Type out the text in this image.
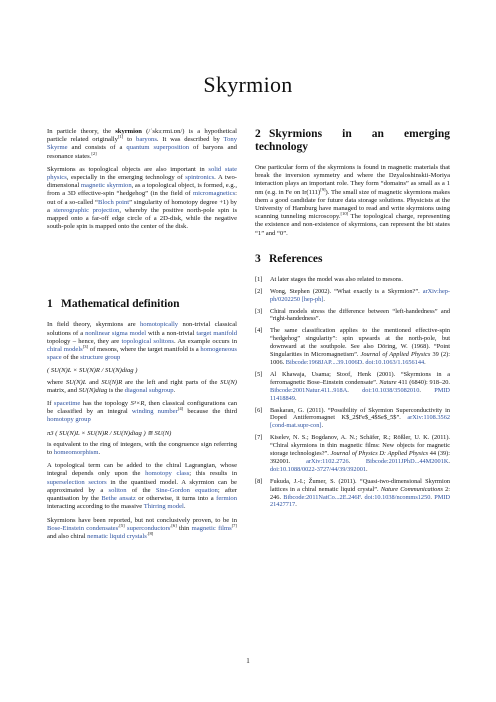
Skyrmion

In particle theory, the skyrmion (/ˈskɜːrmi.ɒn/) is a hypothetical particle related originally[1] to baryons. It was described by Tony Skyrme and consists of a quantum superposition of baryons and resonance states.[2]

Skyrmions as topological objects are also important in solid state physics, especially in the emerging technology of spintronics. A two-dimensional magnetic skyrmion, as a topological object, is formed, e.g., from a 3D effective-spin “hedgehog” (in the field of micromagnetics: out of a so-called “Bloch point” singularity of homotopy degree +1) by a stereographic projection, whereby the positive north-pole spin is mapped onto a far-off edge circle of a 2D-disk, while the negative south-pole spin is mapped onto the center of the disk.

1 Mathematical definition

In field theory, skyrmions are homotopically non-trivial classical solutions of a nonlinear sigma model with a non-trivial target manifold topology – hence, they are topological solitons. An example occurs in chiral models[3] of mesons, where the target manifold is a homogeneous space of the structure group

( SU(N)L × SU(N)R / SU(N)diag )

where SU(N)L and SU(N)R are the left and right parts of the SU(N) matrix, and SU(N)diag is the diagonal subgroup.

If spacetime has the topology S³×R, then classical configurations can be classified by an integral winding number[4] because the third homotopy group

π3 ( SU(N)L × SU(N)R / SU(N)diag ) ≅ SU(N)

is equivalent to the ring of integers, with the congruence sign referring to homeomorphism.

A topological term can be added to the chiral Lagrangian, whose integral depends only upon the homotopy class; this results in superselection sectors in the quantised model. A skyrmion can be approximated by a soliton of the Sine-Gordon equation; after quantisation by the Bethe ansatz or otherwise, it turns into a fermion interacting according to the massive Thirring model.

Skyrmions have been reported, but not conclusively proven, to be in Bose-Einstein condensates$^{,[5]}$ superconductors$^{,[6]}$ thin magnetic films[7] and also chiral nematic liquid crystals$^{.[8]}$

2 Skyrmions in an emerging technology

One particular form of the skyrmions is found in magnetic materials that break the inversion symmetry and where the Dzyaloshinskii-Moriya interaction plays an important role. They form “domains” as small as a 1 nm (e.g. in Fe on Ir(111)[9]). The small size of magnetic skyrmions makes them a good candidate for future data storage solutions. Physicists at the University of Hamburg have managed to read and write skyrmions using scanning tunneling microscopy.[10] The topological charge, representing the existence and non-existence of skyrmions, can represent the bit states “1” and “0”.

3 References
[1] At later stages the model was also related to mesons.
[2] Wong, Stephen (2002). “What exactly is a Skyrmion?”. arXiv:hep-ph/0202250 [hep-ph].
[3] Chiral models stress the difference between “left-handedness” and “right-handedness”.
[4] The same classification applies to the mentioned effective-spin “hedgehog” singularity”: spin upwards at the north-pole, but downward at the southpole. See also Döring, W. (1968). “Point Singularities in Micromagnetism”. Journal of Applied Physics 39 (2): 1006. Bibcode:1968JAP....39.1006D. doi:10.1063/1.1656144.
[5] Al Khawaja, Usama; Stoof, Henk (2001). “Skyrmions in a ferromagnetic Bose–Einstein condensate”. Nature 411 (6840): 918–20. Bibcode:2001Natur.411..918A. doi:10.1038/35082010. PMID 11418849.
[6] Baskaran, G. (2011). “Possibility of Skyrmion Superconductivity in Doped Antiferromagnet K$_2$Fe$_4$Se$_5$”. arXiv:1108.3562 [cond-mat.supr-con].
[7] Kiselev, N. S.; Bogdanov, A. N.; Schäfer, R.; Rößler, U. K. (2011). “Chiral skyrmions in thin magnetic films: New objects for magnetic storage technologies?”. Journal of Physics D: Applied Physics 44 (39): 392001. arXiv:1102.2726. Bibcode:2011JPhD...44M2001K. doi:10.1088/0022-3727/44/39/392001.
[8] Fukuda, J.-I.; Žumer, S. (2011). “Quasi-two-dimensional Skyrmion lattices in a chiral nematic liquid crystal”. Nature Communications 2: 246. Bibcode:2011NatCo...2E.246F. doi:10.1038/ncomms1250. PMID 21427717.
1
